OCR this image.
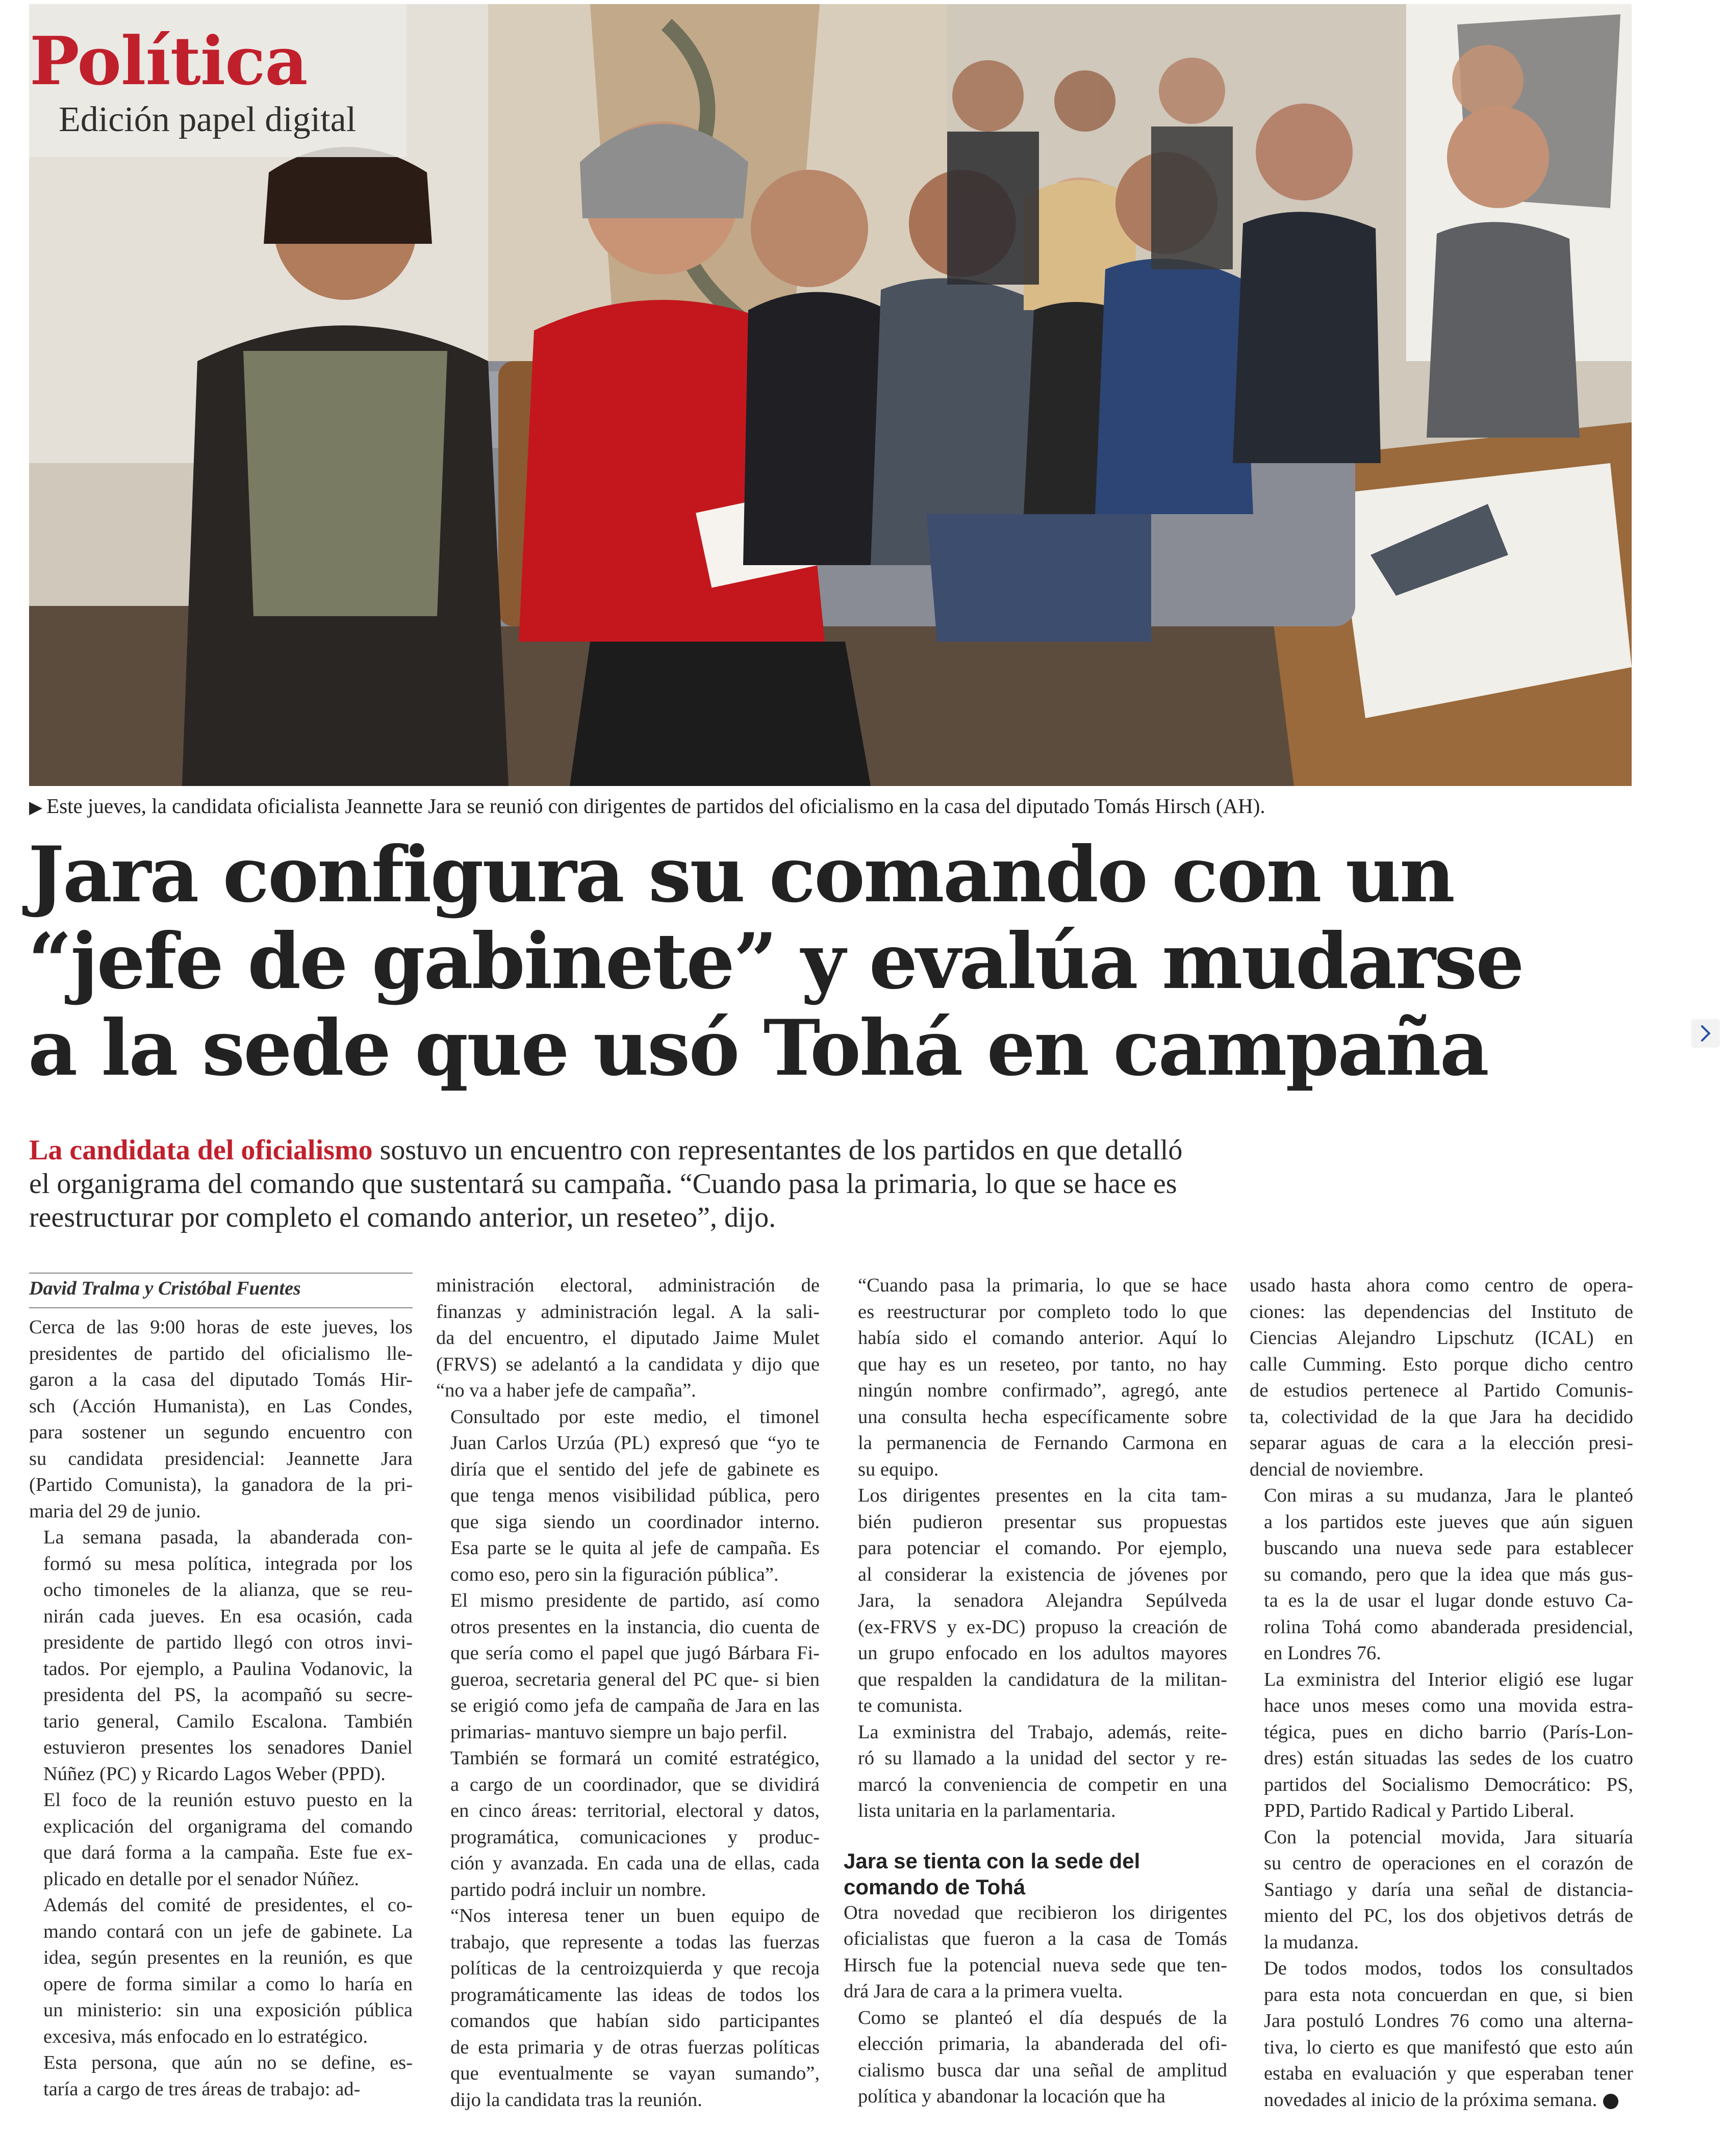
Política
Edición papel digital

▶ Este jueves, la candidata oficialista Jeannette Jara se reunió con dirigentes de partidos del oficialismo en la casa del diputado Tomás Hirsch (AH).

Jara configura su comando con un
“jefe de gabinete” y evalúa mudarse
a la sede que usó Tohá en campaña
La candidata del oficialismo sostuvo un encuentro con representantes de los partidos en que detalló
el organigrama del comando que sustentará su campaña. “Cuando pasa la primaria, lo que se hace es
reestructurar por completo el comando anterior, un reseteo”, dijo.
David Tralma y Cristóbal Fuentes

Cerca de las 9:00 horas de este jueves, los
presidentes de partido del oficialismo lle-
garon a la casa del diputado Tomás Hir-
sch (Acción Humanista), en Las Condes,
para sostener un segundo encuentro con
su candidata presidencial: Jeannette Jara
(Partido Comunista), la ganadora de la pri-
maria del 29 de junio.

La semana pasada, la abanderada con-
formó su mesa política, integrada por los
ocho timoneles de la alianza, que se reu-
nirán cada jueves. En esa ocasión, cada
presidente de partido llegó con otros invi-
tados. Por ejemplo, a Paulina Vodanovic, la
presidenta del PS, la acompañó su secre-
tario general, Camilo Escalona. También
estuvieron presentes los senadores Daniel
Núñez (PC) y Ricardo Lagos Weber (PPD).

El foco de la reunión estuvo puesto en la
explicación del organigrama del comando
que dará forma a la campaña. Este fue ex-
plicado en detalle por el senador Núñez.

Además del comité de presidentes, el co-
mando contará con un jefe de gabinete. La
idea, según presentes en la reunión, es que
opere de forma similar a como lo haría en
un ministerio: sin una exposición pública
excesiva, más enfocado en lo estratégico.

Esta persona, que aún no se define, es-
taría a cargo de tres áreas de trabajo: ad-

ministración electoral, administración de
finanzas y administración legal. A la sali-
da del encuentro, el diputado Jaime Mulet
(FRVS) se adelantó a la candidata y dijo que
“no va a haber jefe de campaña”.

Consultado por este medio, el timonel
Juan Carlos Urzúa (PL) expresó que “yo te
diría que el sentido del jefe de gabinete es
que tenga menos visibilidad pública, pero
que siga siendo un coordinador interno.
Esa parte se le quita al jefe de campaña. Es
como eso, pero sin la figuración pública”.

El mismo presidente de partido, así como
otros presentes en la instancia, dio cuenta de
que sería como el papel que jugó Bárbara Fi-
gueroa, secretaria general del PC que- si bien
se erigió como jefa de campaña de Jara en las
primarias- mantuvo siempre un bajo perfil.

También se formará un comité estratégico,
a cargo de un coordinador, que se dividirá
en cinco áreas: territorial, electoral y datos,
programática, comunicaciones y produc-
ción y avanzada. En cada una de ellas, cada
partido podrá incluir un nombre.

“Nos interesa tener un buen equipo de
trabajo, que represente a todas las fuerzas
políticas de la centroizquierda y que recoja
programáticamente las ideas de todos los
comandos que habían sido participantes
de esta primaria y de otras fuerzas políticas
que eventualmente se vayan sumando”,
dijo la candidata tras la reunión.

“Cuando pasa la primaria, lo que se hace
es reestructurar por completo todo lo que
había sido el comando anterior. Aquí lo
que hay es un reseteo, por tanto, no hay
ningún nombre confirmado”, agregó, ante
una consulta hecha específicamente sobre
la permanencia de Fernando Carmona en
su equipo.

Los dirigentes presentes en la cita tam-
bién pudieron presentar sus propuestas
para potenciar el comando. Por ejemplo,
al considerar la existencia de jóvenes por
Jara, la senadora Alejandra Sepúlveda
(ex-FRVS y ex-DC) propuso la creación de
un grupo enfocado en los adultos mayores
que respalden la candidatura de la militan-
te comunista.

La exministra del Trabajo, además, reite-
ró su llamado a la unidad del sector y re-
marcó la conveniencia de competir en una
lista unitaria en la parlamentaria.

Jara se tienta con la sede del
comando de Tohá

Otra novedad que recibieron los dirigentes
oficialistas que fueron a la casa de Tomás
Hirsch fue la potencial nueva sede que ten-
drá Jara de cara a la primera vuelta.

Como se planteó el día después de la
elección primaria, la abanderada del ofi-
cialismo busca dar una señal de amplitud
política y abandonar la locación que ha

usado hasta ahora como centro de opera-
ciones: las dependencias del Instituto de
Ciencias Alejandro Lipschutz (ICAL) en
calle Cumming. Esto porque dicho centro
de estudios pertenece al Partido Comunis-
ta, colectividad de la que Jara ha decidido
separar aguas de cara a la elección presi-
dencial de noviembre.

Con miras a su mudanza, Jara le planteó
a los partidos este jueves que aún siguen
buscando una nueva sede para establecer
su comando, pero que la idea que más gus-
ta es la de usar el lugar donde estuvo Ca-
rolina Tohá como abanderada presidencial,
en Londres 76.

La exministra del Interior eligió ese lugar
hace unos meses como una movida estra-
tégica, pues en dicho barrio (París-Lon-
dres) están situadas las sedes de los cuatro
partidos del Socialismo Democrático: PS,
PPD, Partido Radical y Partido Liberal.

Con la potencial movida, Jara situaría
su centro de operaciones en el corazón de
Santiago y daría una señal de distancia-
miento del PC, los dos objetivos detrás de
la mudanza.

De todos modos, todos los consultados
para esta nota concuerdan en que, si bien
Jara postuló Londres 76 como una alterna-
tiva, lo cierto es que manifestó que esto aún
estaba en evaluación y que esperaban tener
novedades al inicio de la próxima semana.
